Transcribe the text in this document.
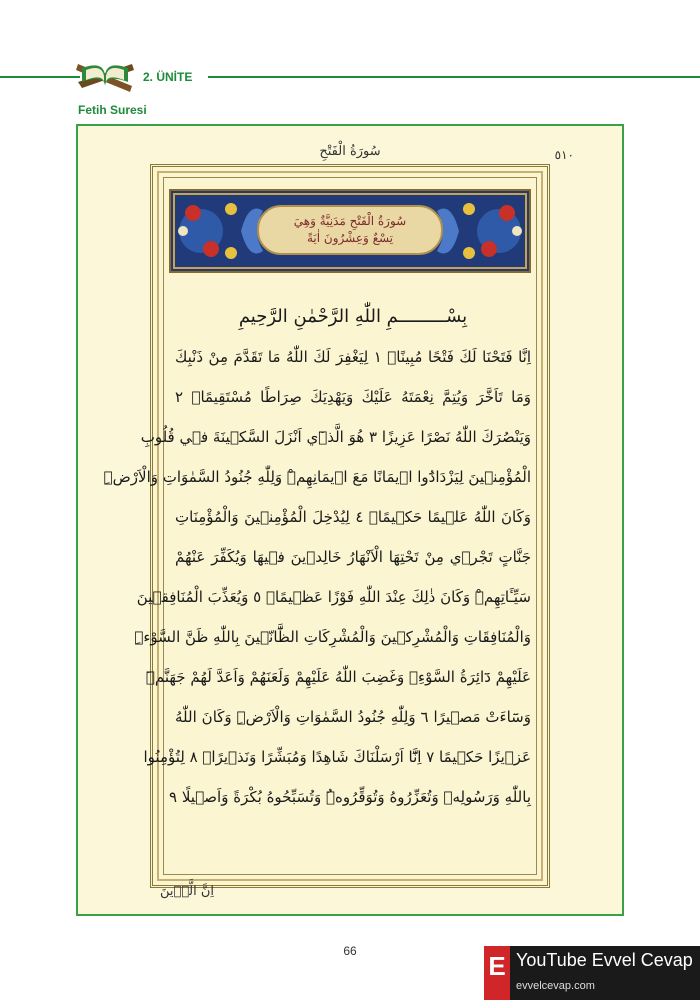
2. ÜNİTE
Fetih Suresi
سُورَةُ الْفَتْحِ	٥١٠
سُورَةُ الْفَتْحِ مَدَنِيَّةٌ وَهِيَ
تِسْعٌ وَعِشْرُونَ اٰيَةً
بِسْـــــــــمِ اللّٰهِ الرَّحْمٰنِ الرَّحِيمِ
اِنَّا فَتَحْنَا لَكَ فَتْحًا مُبِينًاۙ ١ لِيَغْفِرَ لَكَ اللّٰهُ مَا تَقَدَّمَ مِنْ ذَنْبِكَ
وَمَا تَاَخَّرَ وَيُتِمَّ نِعْمَتَهُ عَلَيْكَ وَيَهْدِيَكَ صِرَاطًا مُسْتَقِيمًاۙ ٢
وَيَنْصُرَكَ اللّٰهُ نَصْرًا عَزِيزًا ٣ هُوَ الَّذٖٓي اَنْزَلَ السَّكٖينَةَ فٖي قُلُوبِ
الْمُؤْمِنٖينَ لِيَزْدَادُٓوا اٖيمَانًا مَعَ اٖيمَانِهِمْۜ وَلِلّٰهِ جُنُودُ السَّمٰوَاتِ وَالْاَرْضِۜ
وَكَانَ اللّٰهُ عَلٖيمًا حَكٖيمًاۙ ٤ لِيُدْخِلَ الْمُؤْمِنٖينَ وَالْمُؤْمِنَاتِ
جَنَّاتٍ تَجْرٖي مِنْ تَحْتِهَا الْاَنْهَارُ خَالِدٖينَ فٖيهَا وَيُكَفِّرَ عَنْهُمْ
سَيِّـَٔاتِهِمْۜ وَكَانَ ذٰلِكَ عِنْدَ اللّٰهِ فَوْزًا عَظٖيمًاۙ ٥ وَيُعَذِّبَ الْمُنَافِقٖينَ
وَالْمُنَافِقَاتِ وَالْمُشْرِكٖينَ وَالْمُشْرِكَاتِ الظَّٓانّٖينَ بِاللّٰهِ ظَنَّ السَّوْءِۜ
عَلَيْهِمْ دَٓائِرَةُ السَّوْءِۚ وَغَضِبَ اللّٰهُ عَلَيْهِمْ وَلَعَنَهُمْ وَاَعَدَّ لَهُمْ جَهَنَّمَۜ
وَسَٓاءَتْ مَصٖيرًا ٦ وَلِلّٰهِ جُنُودُ السَّمٰوَاتِ وَالْاَرْضِۜ وَكَانَ اللّٰهُ
عَزٖيزًا حَكٖيمًا ٧ اِنَّٓا اَرْسَلْنَاكَ شَاهِدًا وَمُبَشِّرًا وَنَذٖيرًاۙ ٨ لِتُؤْمِنُوا
بِاللّٰهِ وَرَسُولِهٖ وَتُعَزِّرُوهُ وَتُوَقِّرُوهُۜ وَتُسَبِّحُوهُ بُكْرَةً وَاَصٖيلًا ٩
اِنَّ الَّذٖينَ
66	E YouTube Evvel Cevap
evvelcevap.com
